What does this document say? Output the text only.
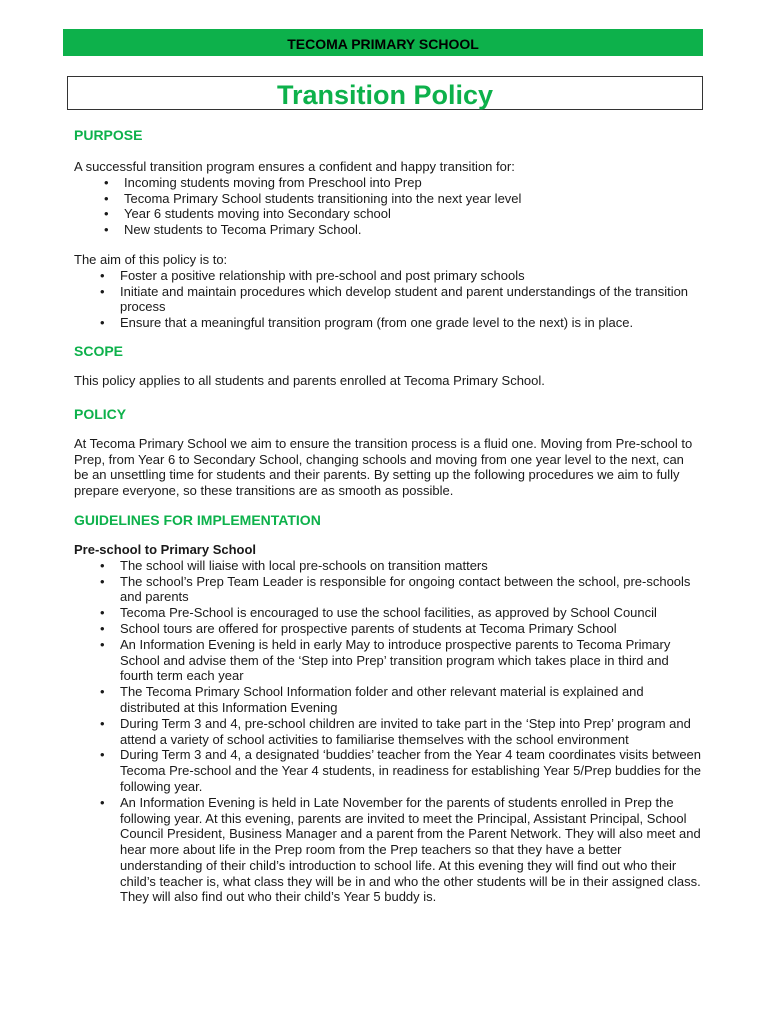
TECOMA PRIMARY SCHOOL
Transition Policy
PURPOSE

A successful transition program ensures a confident and happy transition for:

• Incoming students moving from Preschool into Prep
• Tecoma Primary School students transitioning into the next year level
• Year 6 students moving into Secondary school
• New students to Tecoma Primary School.

The aim of this policy is to:

• Foster a positive relationship with pre-school and post primary schools
• Initiate and maintain procedures which develop student and parent understandings of the transition process
• Ensure that a meaningful transition program (from one grade level to the next) is in place.
SCOPE

This policy applies to all students and parents enrolled at Tecoma Primary School.

POLICY

At Tecoma Primary School we aim to ensure the transition process is a fluid one. Moving from Pre-school to Prep, from Year 6 to Secondary School, changing schools and moving from one year level to the next, can be an unsettling time for students and their parents. By setting up the following procedures we aim to fully prepare everyone, so these transitions are as smooth as possible.

GUIDELINES FOR IMPLEMENTATION

Pre-school to Primary School

• The school will liaise with local pre-schools on transition matters
• The school’s Prep Team Leader is responsible for ongoing contact between the school, pre-schools and parents
• Tecoma Pre-School is encouraged to use the school facilities, as approved by School Council
• School tours are offered for prospective parents of students at Tecoma Primary School
• An Information Evening is held in early May to introduce prospective parents to Tecoma Primary School and advise them of the ‘Step into Prep’ transition program which takes place in third and fourth term each year
• The Tecoma Primary School Information folder and other relevant material is explained and distributed at this Information Evening
• During Term 3 and 4, pre-school children are invited to take part in the ‘Step into Prep’ program and attend a variety of school activities to familiarise themselves with the school environment
• During Term 3 and 4, a designated ‘buddies’ teacher from the Year 4 team coordinates visits between Tecoma Pre-school and the Year 4 students, in readiness for establishing Year 5/Prep buddies for the following year.
• An Information Evening is held in Late November for the parents of students enrolled in Prep the following year. At this evening, parents are invited to meet the Principal, Assistant Principal, School Council President, Business Manager and a parent from the Parent Network. They will also meet and hear more about life in the Prep room from the Prep teachers so that they have a better understanding of their child’s introduction to school life. At this evening they will find out who their child’s teacher is, what class they will be in and who the other students will be in their assigned class. They will also find out who their child’s Year 5 buddy is.
